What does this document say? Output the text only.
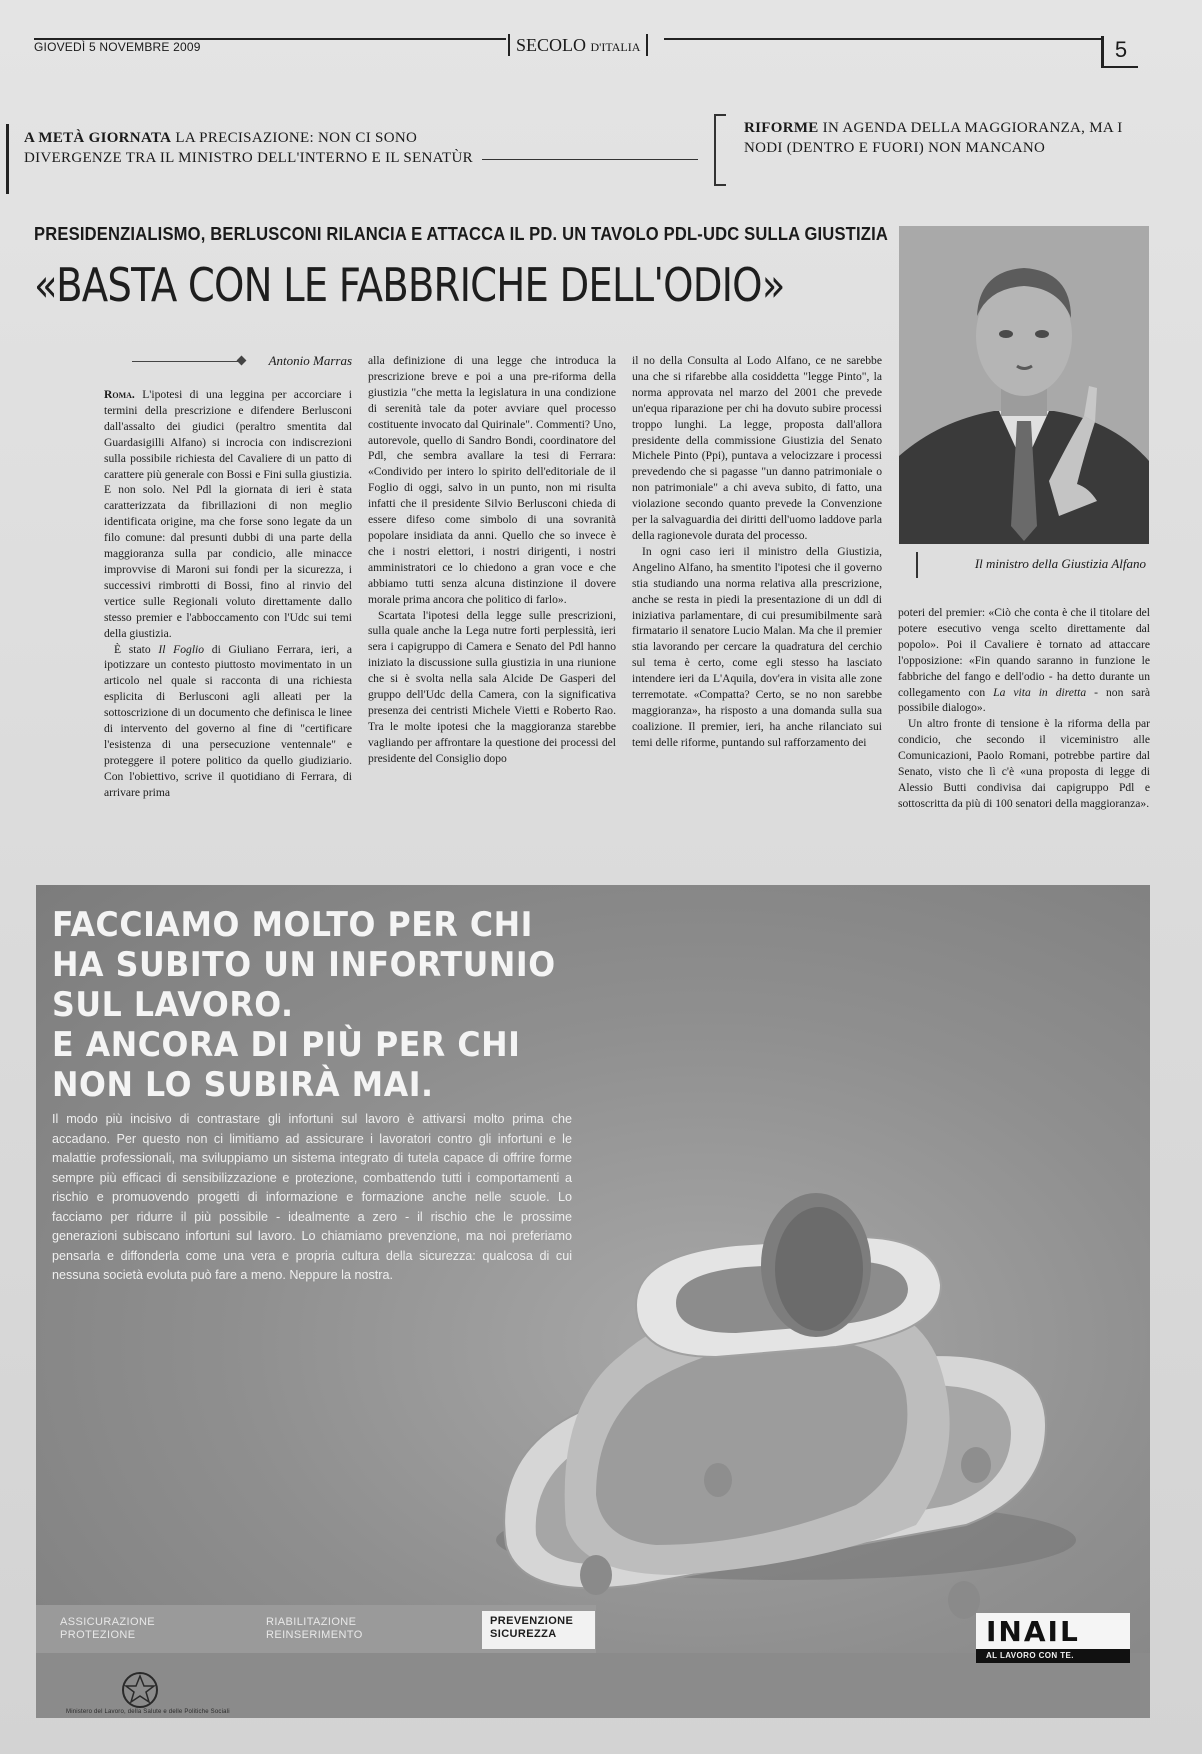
GIOVEDÌ 5 NOVEMBRE 2009	SECOLO D'ITALIA	5
A METÀ GIORNATA LA PRECISAZIONE: NON CI SONO DIVERGENZE TRA IL MINISTRO DELL'INTERNO E IL SENATÙR
RIFORME IN AGENDA DELLA MAGGIORANZA, MA I NODI (DENTRO E FUORI) NON MANCANO
PRESIDENZIALISMO, BERLUSCONI RILANCIA E ATTACCA IL PD. UN TAVOLO PDL-UDC SULLA GIUSTIZIA
«BASTA CON LE FABBRICHE DELL'ODIO»
Il ministro della Giustizia Alfano
Antonio Marras

Roma. L'ipotesi di una leggina per accorciare i termini della prescrizione e difendere Berlusconi dall'assalto dei giudici (peraltro smentita dal Guardasigilli Alfano) si incrocia con indiscrezioni sulla possibile richiesta del Cavaliere di un patto di carattere più generale con Bossi e Fini sulla giustizia. E non solo. Nel Pdl la giornata di ieri è stata caratterizzata da fibrillazioni di non meglio identificata origine, ma che forse sono legate da un filo comune: dal presunti dubbi di una parte della maggioranza sulla par condicio, alle minacce improvvise di Maroni sui fondi per la sicurezza, i successivi rimbrotti di Bossi, fino al rinvio del vertice sulle Regionali voluto direttamente dallo stesso premier e l'abboccamento con l'Udc sui temi della giustizia.

È stato Il Foglio di Giuliano Ferrara, ieri, a ipotizzare un contesto piuttosto movimentato in un articolo nel quale si racconta di una richiesta esplicita di Berlusconi agli alleati per la sottoscrizione di un documento che definisca le linee di intervento del governo al fine di "certificare l'esistenza di una persecuzione ventennale" e proteggere il potere politico da quello giudiziario. Con l'obiettivo, scrive il quotidiano di Ferrara, di arrivare prima

alla definizione di una legge che introduca la prescrizione breve e poi a una pre-riforma della giustizia "che metta la legislatura in una condizione di serenità tale da poter avviare quel processo costituente invocato dal Quirinale". Commenti? Uno, autorevole, quello di Sandro Bondi, coordinatore del Pdl, che sembra avallare la tesi di Ferrara: «Condivido per intero lo spirito dell'editoriale de il Foglio di oggi, salvo in un punto, non mi risulta infatti che il presidente Silvio Berlusconi chieda di essere difeso come simbolo di una sovranità popolare insidiata da anni. Quello che so invece è che i nostri elettori, i nostri dirigenti, i nostri amministratori ce lo chiedono a gran voce e che abbiamo tutti senza alcuna distinzione il dovere morale prima ancora che politico di farlo».

Scartata l'ipotesi della legge sulle prescrizioni, sulla quale anche la Lega nutre forti perplessità, ieri sera i capigruppo di Camera e Senato del Pdl hanno iniziato la discussione sulla giustizia in una riunione che si è svolta nella sala Alcide De Gasperi del gruppo dell'Udc della Camera, con la significativa presenza dei centristi Michele Vietti e Roberto Rao. Tra le molte ipotesi che la maggioranza starebbe vagliando per affrontare la questione dei processi del presidente del Consiglio dopo

il no della Consulta al Lodo Alfano, ce ne sarebbe una che si rifarebbe alla cosiddetta "legge Pinto", la norma approvata nel marzo del 2001 che prevede un'equa riparazione per chi ha dovuto subire processi troppo lunghi. La legge, proposta dall'allora presidente della commissione Giustizia del Senato Michele Pinto (Ppi), puntava a velocizzare i processi prevedendo che si pagasse "un danno patrimoniale o non patrimoniale" a chi aveva subito, di fatto, una violazione secondo quanto prevede la Convenzione per la salvaguardia dei diritti dell'uomo laddove parla della ragionevole durata del processo.

In ogni caso ieri il ministro della Giustizia, Angelino Alfano, ha smentito l'ipotesi che il governo stia studiando una norma relativa alla prescrizione, anche se resta in piedi la presentazione di un ddl di iniziativa parlamentare, di cui presumibilmente sarà firmatario il senatore Lucio Malan. Ma che il premier stia lavorando per cercare la quadratura del cerchio sul tema è certo, come egli stesso ha lasciato intendere ieri da L'Aquila, dov'era in visita alle zone terremotate. «Compatta? Certo, se no non sarebbe maggioranza», ha risposto a una domanda sulla sua coalizione. Il premier, ieri, ha anche rilanciato sui temi delle riforme, puntando sul rafforzamento dei

poteri del premier: «Ciò che conta è che il titolare del potere esecutivo venga scelto direttamente dal popolo». Poi il Cavaliere è tornato ad attaccare l'opposizione: «Fin quando saranno in funzione le fabbriche del fango e dell'odio - ha detto durante un collegamento con La vita in diretta - non sarà possibile dialogo».

Un altro fronte di tensione è la riforma della par condicio, che secondo il viceministro alle Comunicazioni, Paolo Romani, potrebbe partire dal Senato, visto che lì c'è «una proposta di legge di Alessio Butti condivisa dai capigruppo Pdl e sottoscritta da più di 100 senatori della maggioranza».

FACCIAMO MOLTO PER CHI
HA SUBITO UN INFORTUNIO
SUL LAVORO.
E ANCORA DI PIÙ PER CHI
NON LO SUBIRÀ MAI.
Il modo più incisivo di contrastare gli infortuni sul lavoro è attivarsi molto prima che accadano. Per questo non ci limitiamo ad assicurare i lavoratori contro gli infortuni e le malattie professionali, ma sviluppiamo un sistema integrato di tutela capace di offrire forme sempre più efficaci di sensibilizzazione e protezione, combattendo tutti i comportamenti a rischio e promuovendo progetti di informazione e formazione anche nelle scuole. Lo facciamo per ridurre il più possibile - idealmente a zero - il rischio che le prossime generazioni subiscano infortuni sul lavoro. Lo chiamiamo prevenzione, ma noi preferiamo pensarla e diffonderla come una vera e propria cultura della sicurezza: qualcosa di cui nessuna società evoluta può fare a meno. Neppure la nostra.
ASSICURAZIONE
PROTEZIONE
RIABILITAZIONE
REINSERIMENTO
PREVENZIONE
SICUREZZA
Ministero del Lavoro, della Salute e delle Politiche Sociali
INAIL
AL LAVORO CON TE.
